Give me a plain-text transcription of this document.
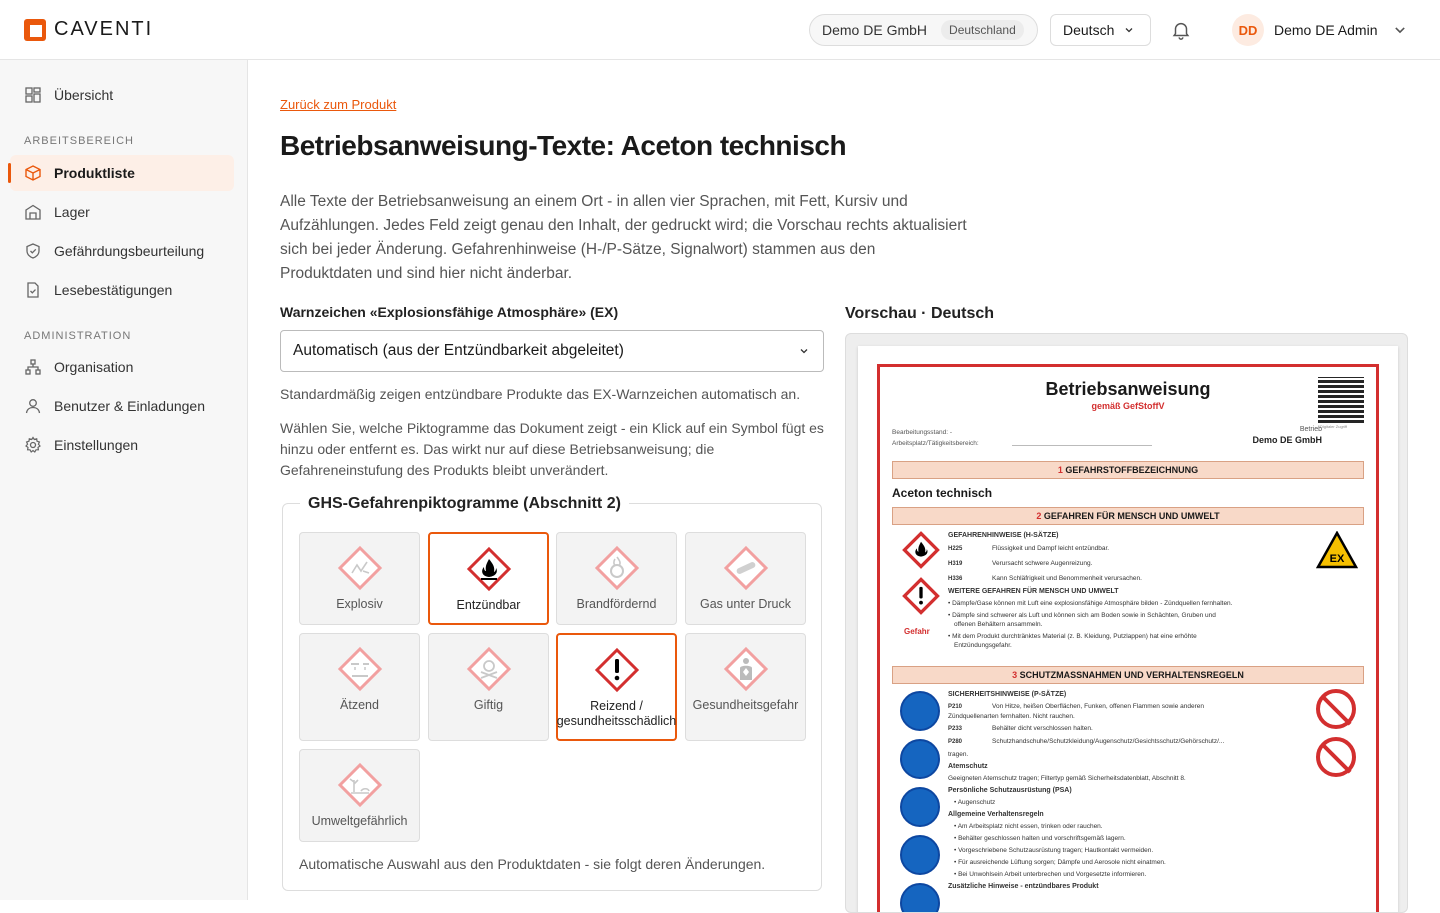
CAVENTI	Demo DE GmbH	Deutschland	Deutsch	DD	Demo DE Admin
Übersicht
ARBEITSBEREICH
Produktliste
Lager
Gefährdungsbeurteilung
Lesebestätigungen
ADMINISTRATION
Organisation
Benutzer & Einladungen
Einstellungen
Zurück zum Produkt
Betriebsanweisung-Texte: Aceton technisch

Alle Texte der Betriebsanweisung an einem Ort - in allen vier Sprachen, mit Fett, Kursiv und Aufzählungen. Jedes Feld zeigt genau den Inhalt, der gedruckt wird; die Vorschau rechts aktualisiert sich bei jeder Änderung. Gefahrenhinweise (H-/P-Sätze, Signalwort) stammen aus den Produktdaten und sind hier nicht änderbar.

Warnzeichen «Explosionsfähige Atmosphäre» (EX)
Automatisch (aus der Entzündbarkeit abgeleitet)
Standardmäßig zeigen entzündbare Produkte das EX-Warnzeichen automatisch an.
Wählen Sie, welche Piktogramme das Dokument zeigt - ein Klick auf ein Symbol fügt es hinzu oder entfernt es. Das wirkt nur auf diese Betriebsanweisung; die Gefahreneinstufung des Produkts bleibt unverändert.
GHS-Gefahrenpiktogramme (Abschnitt 2)
Explosiv	Entzündbar	Brandfördernd	Gas unter Druck
Ätzend	Giftig	Reizend / gesundheitsschädlich
Gesundheitsgefahr
Umweltgefährlich
Automatische Auswahl aus den Produktdaten - sie folgt deren Änderungen.
Vorschau · Deutsch
Betriebsanweisung
gemäß GefStoffV
Digitaler Zugriff
Bearbeitungsstand: -
Arbeitsplatz/Tätigkeitsbereich:
Betrieb
Demo DE GmbH
1 GEFAHRSTOFFBEZEICHNUNG
Aceton technisch
2 GEFAHREN FÜR MENSCH UND UMWELT
Gefahr
EX
GEFAHRENHINWEISE (H-SÄTZE)
H225	Flüssigkeit und Dampf leicht entzündbar.
H319	Verursacht schwere Augenreizung.
H336	Kann Schläfrigkeit und Benommenheit verursachen.
WEITERE GEFAHREN FÜR MENSCH UND UMWELT
• Dämpfe/Gase können mit Luft eine explosionsfähige Atmosphäre bilden - Zündquellen fernhalten.
• Dämpfe sind schwerer als Luft und können sich am Boden sowie in Schächten, Gruben und
offenen Behältern ansammeln.
• Mit dem Produkt durchtränktes Material (z. B. Kleidung, Putzlappen) hat eine erhöhte
Entzündungsgefahr.
3 SCHUTZMASSNAHMEN UND VERHALTENSREGELN
SICHERHEITSHINWEISE (P-SÄTZE)
P210	Von Hitze, heißen Oberflächen, Funken, offenen Flammen sowie anderen
Zündquellenarten fernhalten. Nicht rauchen.
P233	Behälter dicht verschlossen halten.
P280	Schutzhandschuhe/Schutzkleidung/Augenschutz/Gesichtsschutz/Gehörschutz/...
tragen.
Atemschutz
Geeigneten Atemschutz tragen; Filtertyp gemäß Sicherheitsdatenblatt, Abschnitt 8.
Persönliche Schutzausrüstung (PSA)
• Augenschutz
Allgemeine Verhaltensregeln
• Am Arbeitsplatz nicht essen, trinken oder rauchen.
• Behälter geschlossen halten und vorschriftsgemäß lagern.
• Vorgeschriebene Schutzausrüstung tragen; Hautkontakt vermeiden.
• Für ausreichende Lüftung sorgen; Dämpfe und Aerosole nicht einatmen.
• Bei Unwohlsein Arbeit unterbrechen und Vorgesetzte informieren.
Zusätzliche Hinweise - entzündbares Produkt
